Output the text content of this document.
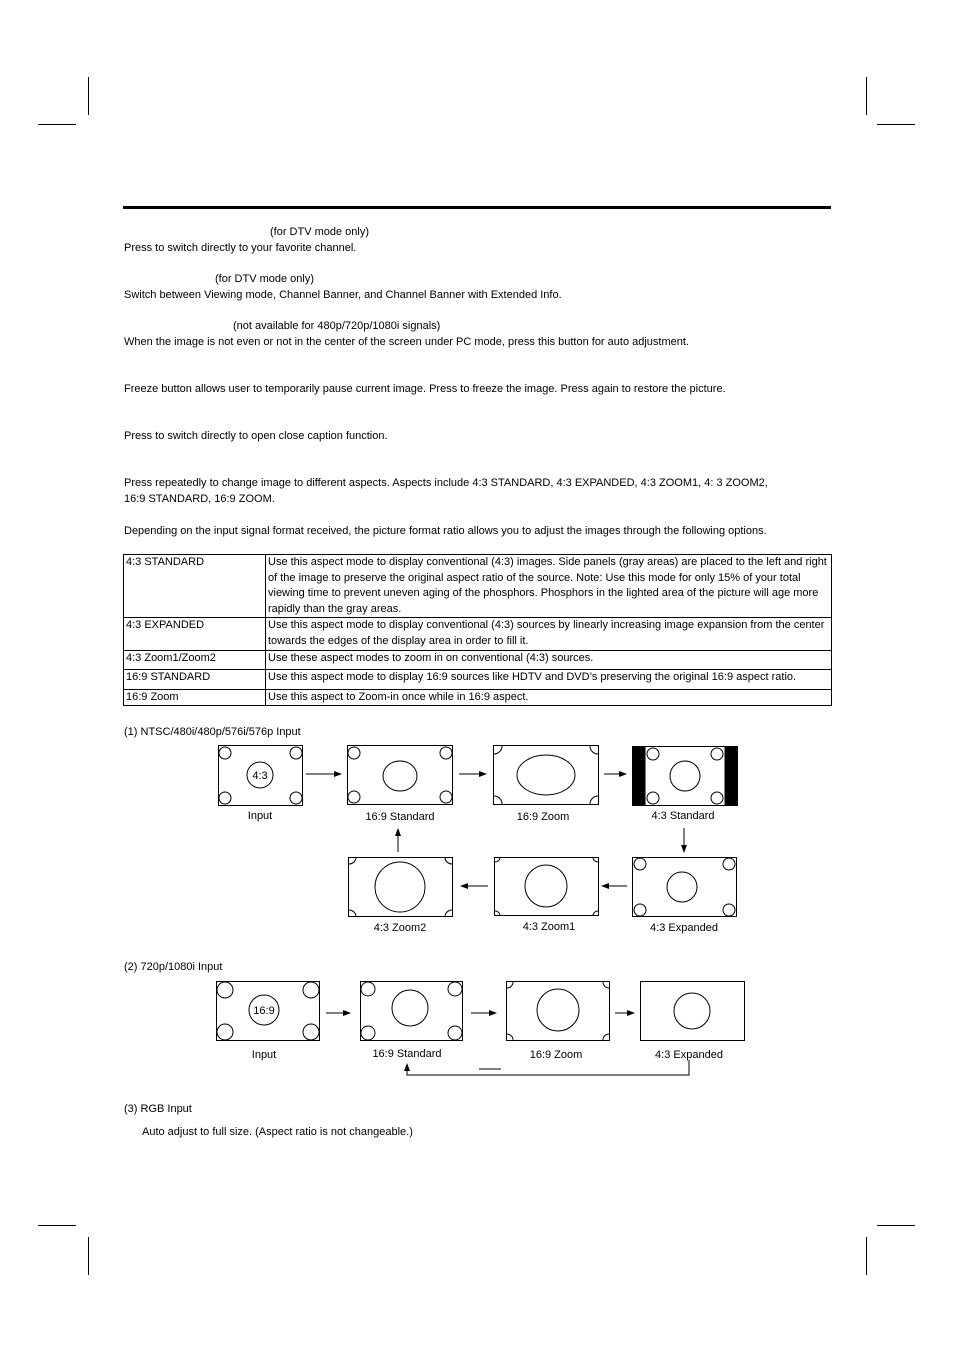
(for DTV mode only)
Press to switch directly to your favorite channel.
(for DTV mode only)
Switch between Viewing mode, Channel Banner, and Channel Banner with Extended Info.
(not available for 480p/720p/1080i signals)
When the image is not even or not in the center of the screen under PC mode, press this button for auto adjustment.
Freeze button allows user to temporarily pause current image. Press to freeze the image. Press again to restore the picture.
Press to switch directly to open close caption function.
Press repeatedly to change image to different aspects. Aspects include 4:3 STANDARD, 4:3 EXPANDED, 4:3 ZOOM1, 4: 3 ZOOM2,
16:9 STANDARD, 16:9 ZOOM.
Depending on the input signal format received, the picture format ratio allows you to adjust the images through the following options.
4:3 STANDARD	Use this aspect mode to display conventional (4:3) images. Side panels (gray areas) are placed to the left and right of the image to preserve the original aspect ratio of the source. Note: Use this mode for only 15% of your total viewing time to prevent uneven aging of the phosphors. Phosphors in the lighted area of the picture will age more rapidly than the gray areas.
4:3 EXPANDED	Use this aspect mode to display conventional (4:3) sources by linearly increasing image expansion from the center towards the edges of the display area in order to fill it.
4:3 Zoom1/Zoom2	Use these aspect modes to zoom in on conventional (4:3) sources.
16:9 STANDARD	Use this aspect mode to display 16:9 sources like HDTV and DVD’s preserving the original 16:9 aspect ratio.
16:9 Zoom	Use this aspect to Zoom-in once while in 16:9 aspect.
(1) NTSC/480i/480p/576i/576p Input
(2) 720p/1080i Input
(3) RGB Input
Auto adjust to full size. (Aspect ratio is not changeable.)
4:3
16:9
Input	16:9 Standard	16:9 Zoom	4:3 Standard
4:3 Zoom2	4:3 Zoom1	4:3 Expanded
Input	16:9 Standard	16:9 Zoom	4:3 Expanded
